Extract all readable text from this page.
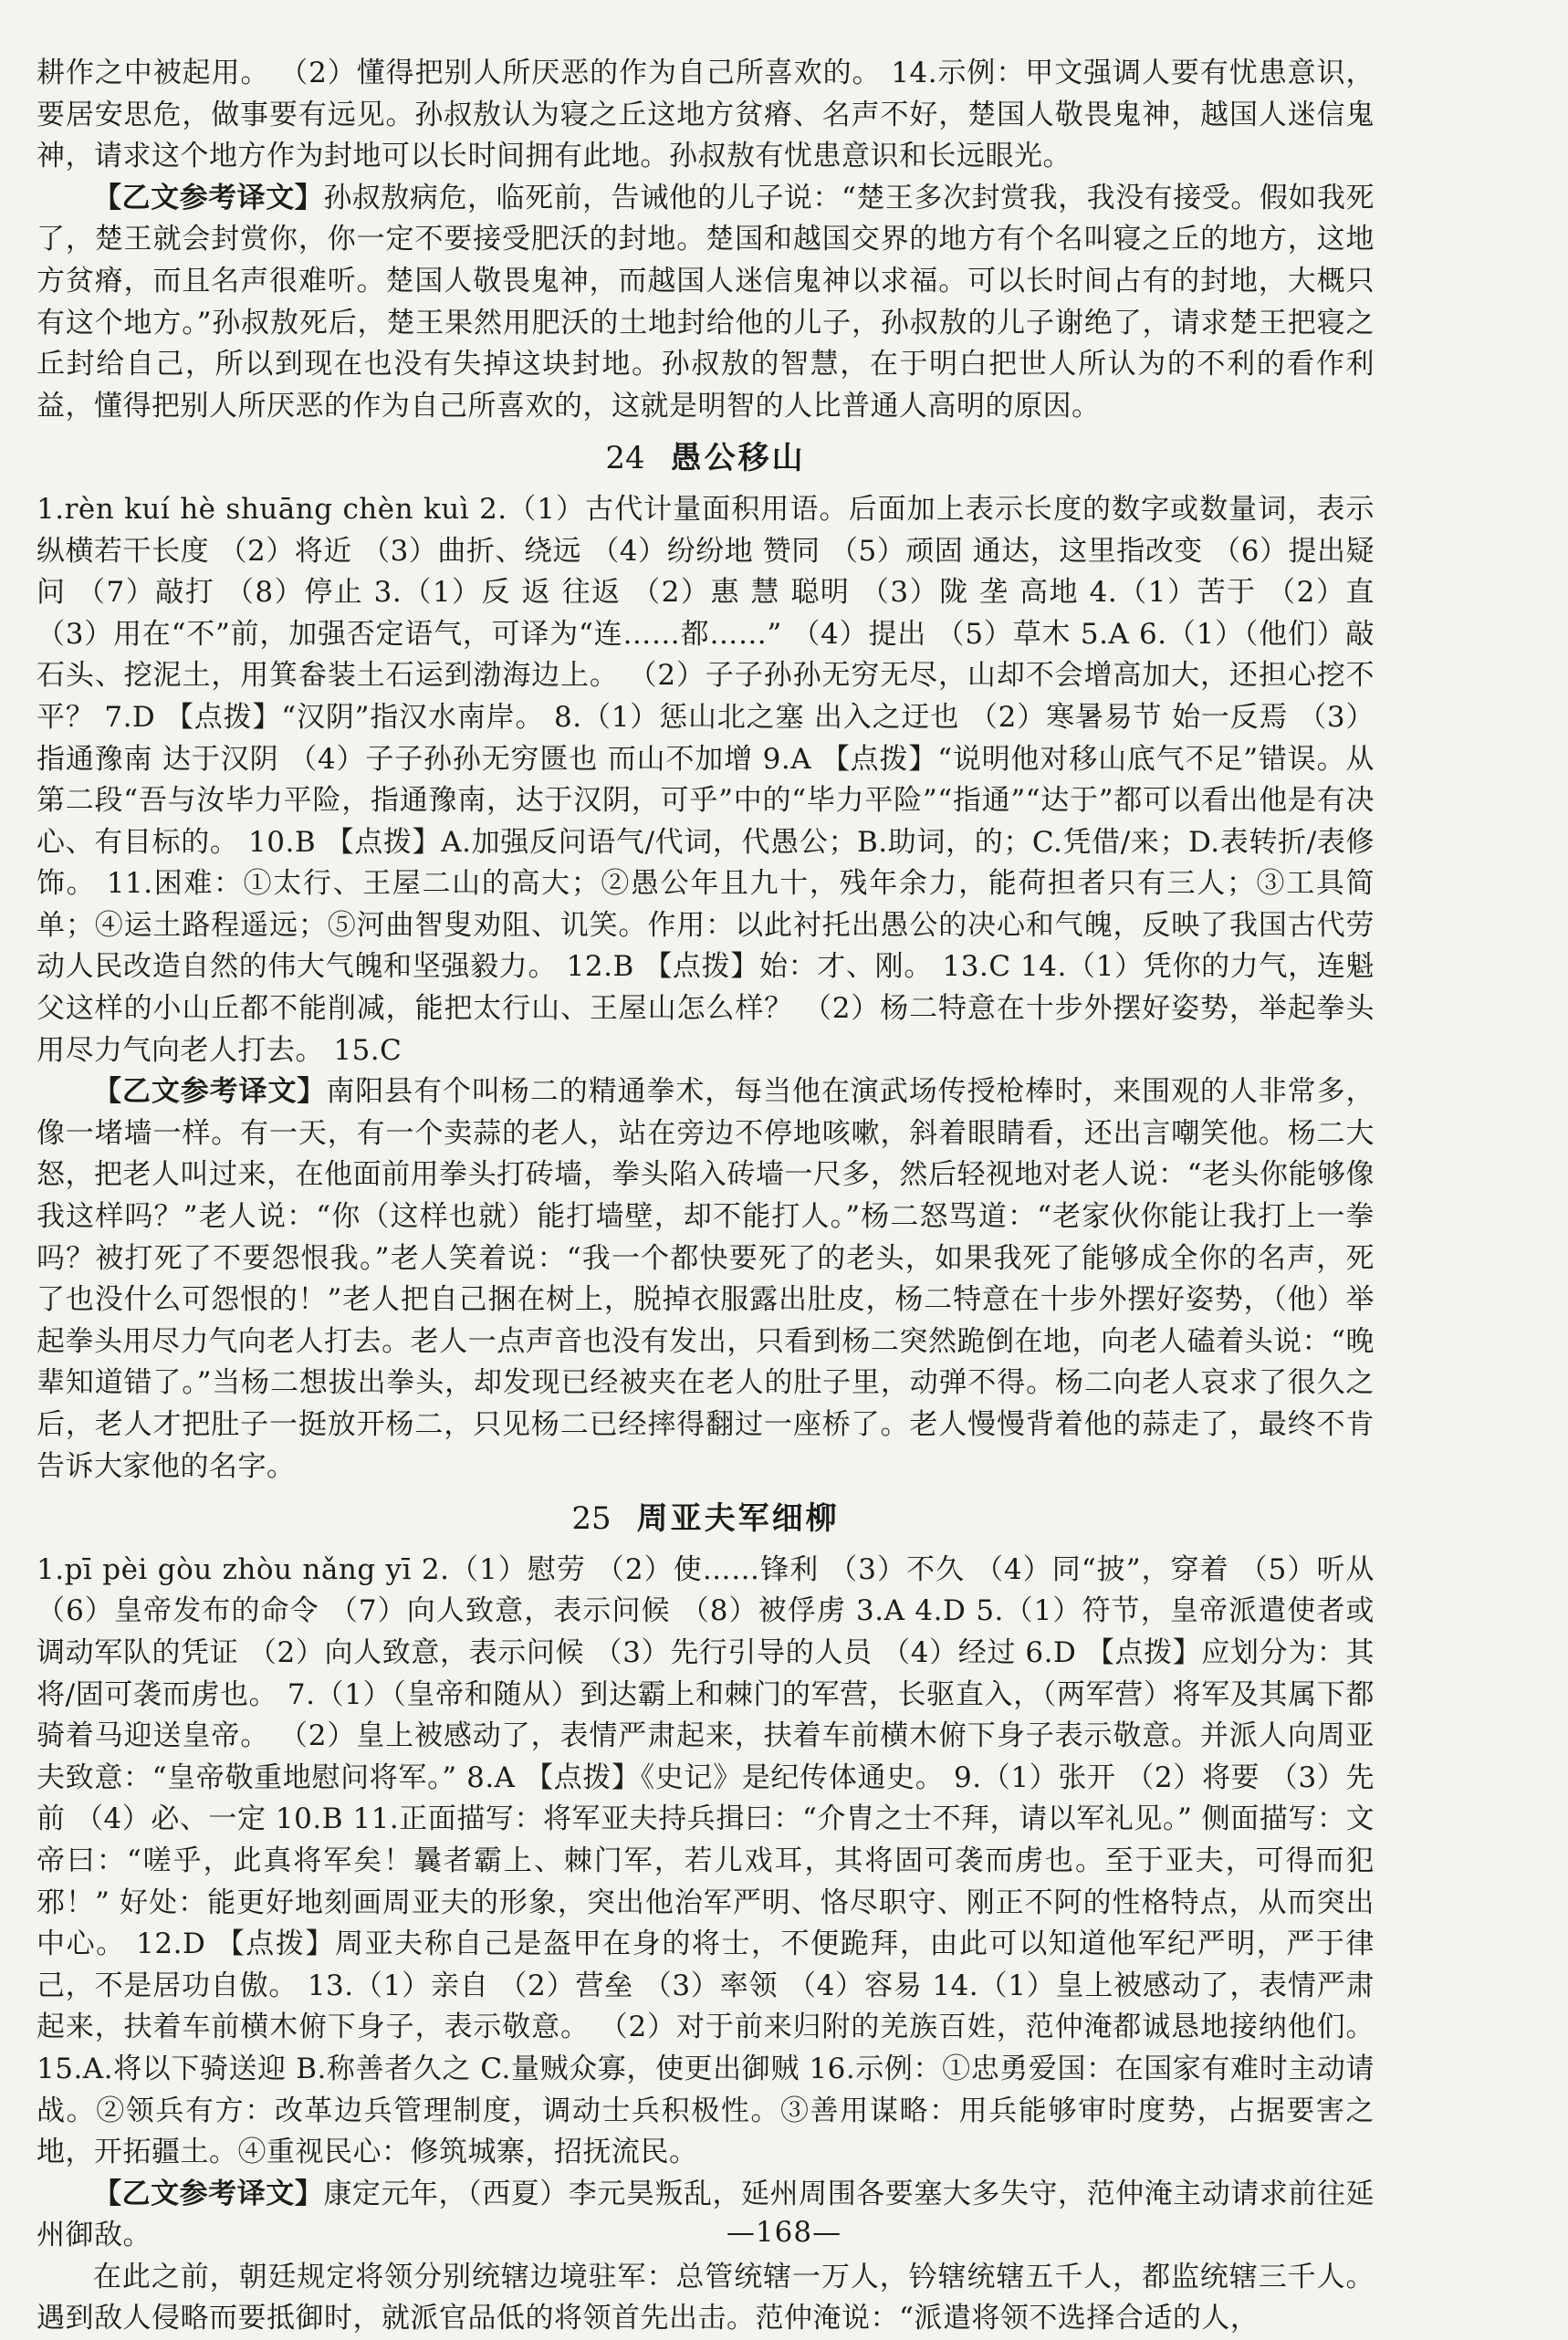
耕作之中被起用。 （2）懂得把别人所厌恶的作为自己所喜欢的。 14.示例：甲文强调人要有忧患意识，要居安思危，做事要有远见。孙叔敖认为寝之丘这地方贫瘠、名声不好，楚国人敬畏鬼神，越国人迷信鬼神，请求这个地方作为封地可以长时间拥有此地。孙叔敖有忧患意识和长远眼光。

【乙文参考译文】孙叔敖病危，临死前，告诫他的儿子说：“楚王多次封赏我，我没有接受。假如我死了，楚王就会封赏你，你一定不要接受肥沃的封地。楚国和越国交界的地方有个名叫寝之丘的地方，这地方贫瘠，而且名声很难听。楚国人敬畏鬼神，而越国人迷信鬼神以求福。可以长时间占有的封地，大概只有这个地方。”孙叔敖死后，楚王果然用肥沃的土地封给他的儿子，孙叔敖的儿子谢绝了，请求楚王把寝之丘封给自己，所以到现在也没有失掉这块封地。孙叔敖的智慧，在于明白把世人所认为的不利的看作利益，懂得把别人所厌恶的作为自己所喜欢的，这就是明智的人比普通人高明的原因。

24 愚公移山

1.rèn kuí hè shuāng chèn kuì 2.（1）古代计量面积用语。后面加上表示长度的数字或数量词，表示纵横若干长度 （2）将近 （3）曲折、绕远 （4）纷纷地 赞同 （5）顽固 通达，这里指改变 （6）提出疑问 （7）敲打 （8）停止 3.（1）反 返 往返 （2）惠 慧 聪明 （3）陇 垄 高地 4.（1）苦于 （2）直 （3）用在“不”前，加强否定语气，可译为“连……都……” （4）提出 （5）草木 5.A 6.（1）（他们）敲石头、挖泥土，用箕畚装土石运到渤海边上。 （2）子子孙孙无穷无尽，山却不会增高加大，还担心挖不平？ 7.D 【点拨】“汉阴”指汉水南岸。 8.（1）惩山北之塞 出入之迂也 （2）寒暑易节 始一反焉 （3）指通豫南 达于汉阴 （4）子子孙孙无穷匮也 而山不加增 9.A 【点拨】“说明他对移山底气不足”错误。从第二段“吾与汝毕力平险，指通豫南，达于汉阴，可乎”中的“毕力平险”“指通”“达于”都可以看出他是有决心、有目标的。 10.B 【点拨】A.加强反问语气/代词，代愚公；B.助词，的；C.凭借/来；D.表转折/表修饰。 11.困难：①太行、王屋二山的高大；②愚公年且九十，残年余力，能荷担者只有三人；③工具简单；④运土路程遥远；⑤河曲智叟劝阻、讥笑。作用：以此衬托出愚公的决心和气魄，反映了我国古代劳动人民改造自然的伟大气魄和坚强毅力。 12.B 【点拨】始：才、刚。 13.C 14.（1）凭你的力气，连魁父这样的小山丘都不能削减，能把太行山、王屋山怎么样？ （2）杨二特意在十步外摆好姿势，举起拳头用尽力气向老人打去。 15.C

【乙文参考译文】南阳县有个叫杨二的精通拳术，每当他在演武场传授枪棒时，来围观的人非常多，像一堵墙一样。有一天，有一个卖蒜的老人，站在旁边不停地咳嗽，斜着眼睛看，还出言嘲笑他。杨二大怒，把老人叫过来，在他面前用拳头打砖墙，拳头陷入砖墙一尺多，然后轻视地对老人说：“老头你能够像我这样吗？”老人说：“你（这样也就）能打墙壁，却不能打人。”杨二怒骂道：“老家伙你能让我打上一拳吗？被打死了不要怨恨我。”老人笑着说：“我一个都快要死了的老头，如果我死了能够成全你的名声，死了也没什么可怨恨的！”老人把自己捆在树上，脱掉衣服露出肚皮，杨二特意在十步外摆好姿势，（他）举起拳头用尽力气向老人打去。老人一点声音也没有发出，只看到杨二突然跪倒在地，向老人磕着头说：“晚辈知道错了。”当杨二想拔出拳头，却发现已经被夹在老人的肚子里，动弹不得。杨二向老人哀求了很久之后，老人才把肚子一挺放开杨二，只见杨二已经摔得翻过一座桥了。老人慢慢背着他的蒜走了，最终不肯告诉大家他的名字。

25 周亚夫军细柳

1.pī pèi gòu zhòu nǎng yī 2.（1）慰劳 （2）使……锋利 （3）不久 （4）同“披”，穿着 （5）听从 （6）皇帝发布的命令 （7）向人致意，表示问候 （8）被俘虏 3.A 4.D 5.（1）符节，皇帝派遣使者或调动军队的凭证 （2）向人致意，表示问候 （3）先行引导的人员 （4）经过 6.D 【点拨】应划分为：其将/固可袭而虏也。 7.（1）（皇帝和随从）到达霸上和棘门的军营，长驱直入，（两军营）将军及其属下都骑着马迎送皇帝。 （2）皇上被感动了，表情严肃起来，扶着车前横木俯下身子表示敬意。并派人向周亚夫致意：“皇帝敬重地慰问将军。” 8.A 【点拨】《史记》是纪传体通史。 9.（1）张开 （2）将要 （3）先前 （4）必、一定 10.B 11.正面描写：将军亚夫持兵揖曰：“介胄之士不拜，请以军礼见。” 侧面描写：文帝曰：“嗟乎，此真将军矣！曩者霸上、棘门军，若儿戏耳，其将固可袭而虏也。至于亚夫，可得而犯邪！” 好处：能更好地刻画周亚夫的形象，突出他治军严明、恪尽职守、刚正不阿的性格特点，从而突出中心。 12.D 【点拨】周亚夫称自己是盔甲在身的将士，不便跪拜，由此可以知道他军纪严明，严于律己，不是居功自傲。 13.（1）亲自 （2）营垒 （3）率领 （4）容易 14.（1）皇上被感动了，表情严肃起来，扶着车前横木俯下身子，表示敬意。 （2）对于前来归附的羌族百姓，范仲淹都诚恳地接纳他们。 15.A.将以下骑送迎 B.称善者久之 C.量贼众寡，使更出御贼 16.示例：①忠勇爱国：在国家有难时主动请战。②领兵有方：改革边兵管理制度，调动士兵积极性。③善用谋略：用兵能够审时度势，占据要害之地，开拓疆土。④重视民心：修筑城寨，招抚流民。

【乙文参考译文】康定元年，（西夏）李元昊叛乱，延州周围各要塞大多失守，范仲淹主动请求前往延州御敌。

在此之前，朝廷规定将领分别统辖边境驻军：总管统辖一万人，钤辖统辖五千人，都监统辖三千人。遇到敌人侵略而要抵御时，就派官品低的将领首先出击。范仲淹说：“派遣将领不选择合适的人，

—168—
